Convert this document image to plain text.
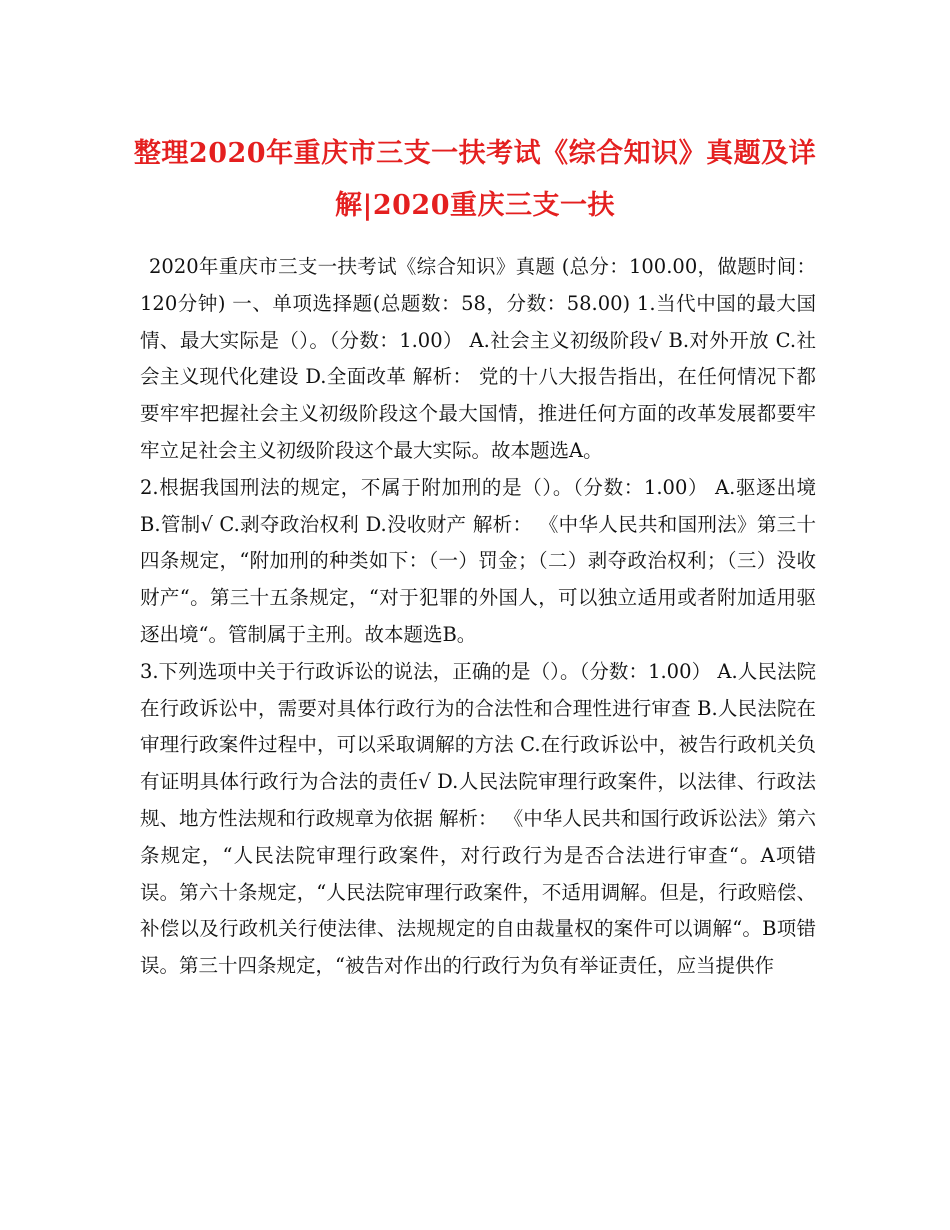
整理2020年重庆市三支一扶考试《综合知识》真题及详解|2020重庆三支一扶

2020年重庆市三支一扶考试《综合知识》真题 (总分：100.00，做题时间：120分钟) 一、单项选择题(总题数：58，分数：58.00) 1.当代中国的最大国情、最大实际是（）。（分数：1.00） A.社会主义初级阶段√ B.对外开放 C.社会主义现代化建设 D.全面改革 解析： 党的十八大报告指出，在任何情况下都要牢牢把握社会主义初级阶段这个最大国情，推进任何方面的改革发展都要牢牢立足社会主义初级阶段这个最大实际。故本题选A。

2.根据我国刑法的规定，不属于附加刑的是（）。（分数：1.00） A.驱逐出境 B.管制√ C.剥夺政治权利 D.没收财产 解析： 《中华人民共和国刑法》第三十四条规定，“附加刑的种类如下：（一）罚金；（二）剥夺政治权利；（三）没收财产“。第三十五条规定，“对于犯罪的外国人，可以独立适用或者附加适用驱逐出境“。管制属于主刑。故本题选B。

3.下列选项中关于行政诉讼的说法，正确的是（）。（分数：1.00） A.人民法院在行政诉讼中，需要对具体行政行为的合法性和合理性进行审查 B.人民法院在审理行政案件过程中，可以采取调解的方法 C.在行政诉讼中，被告行政机关负有证明具体行政行为合法的责任√ D.人民法院审理行政案件，以法律、行政法规、地方性法规和行政规章为依据 解析： 《中华人民共和国行政诉讼法》第六条规定，“人民法院审理行政案件，对行政行为是否合法进行审查“。A项错误。第六十条规定，“人民法院审理行政案件，不适用调解。但是，行政赔偿、补偿以及行政机关行使法律、法规规定的自由裁量权的案件可以调解“。B项错误。第三十四条规定，“被告对作出的行政行为负有举证责任，应当提供作
